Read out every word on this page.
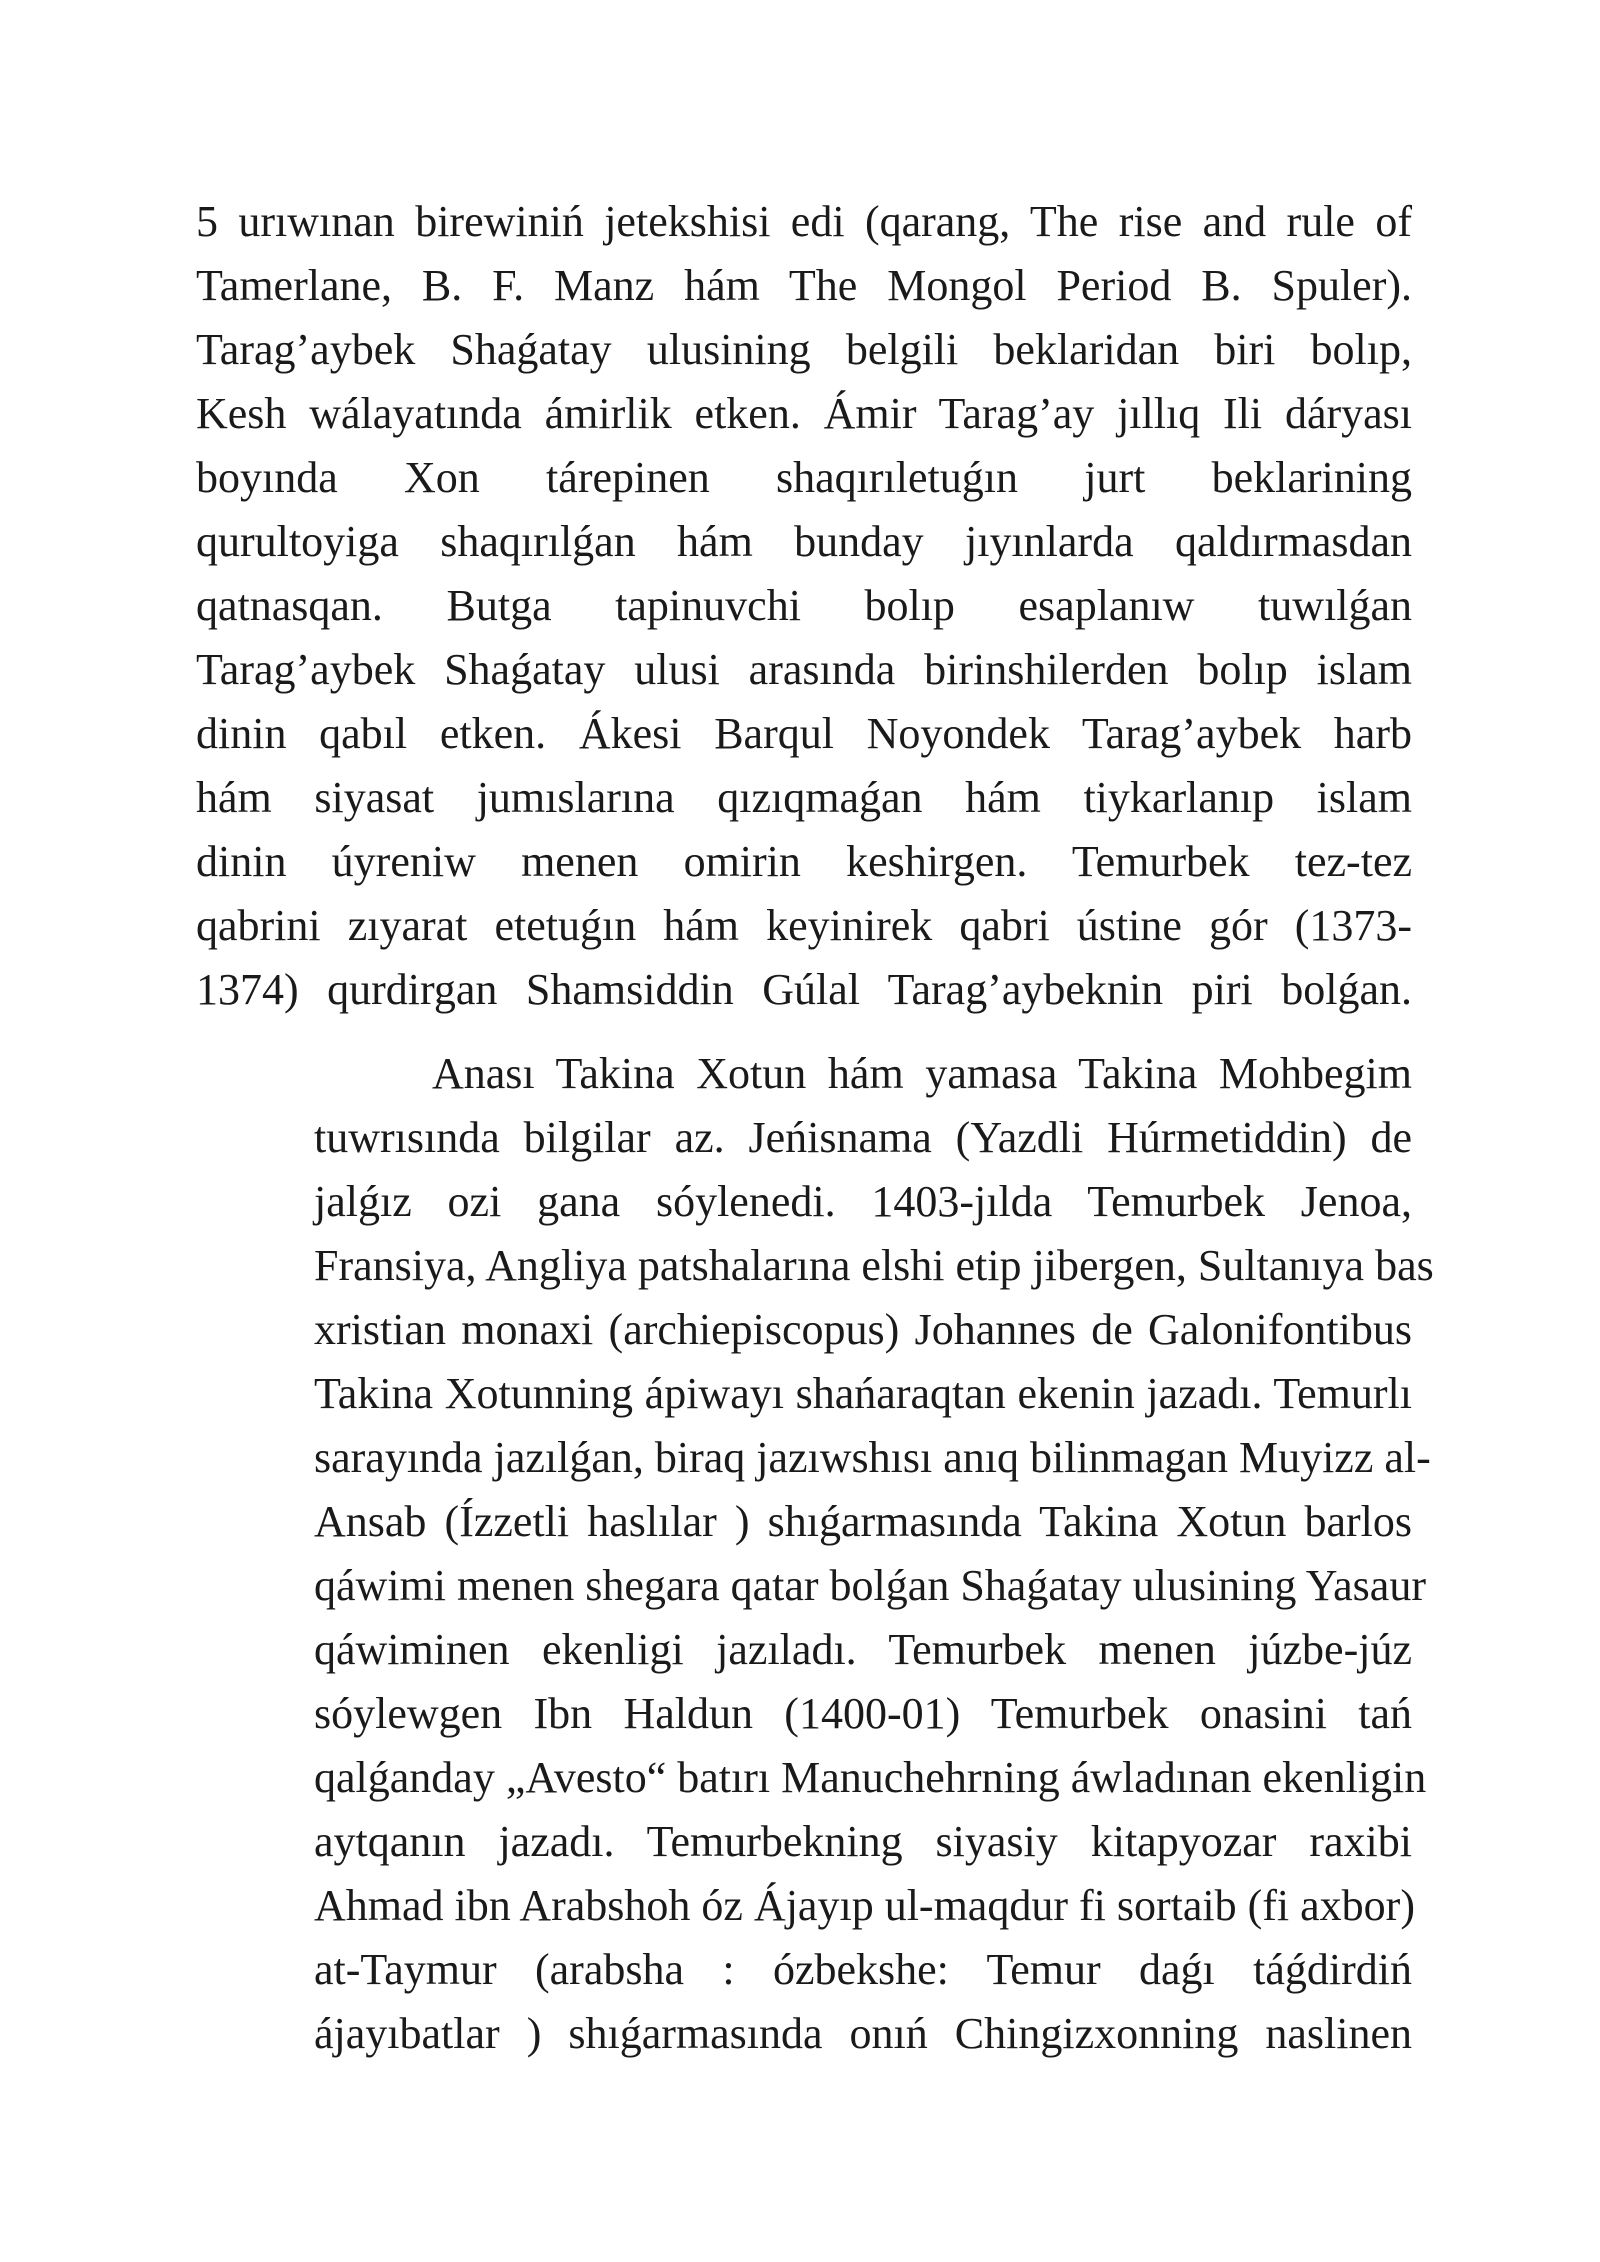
5 urıwınan birewiniń jetekshisi edi (qarang, The rise and rule of
Tamerlane, B. F. Manz hám The Mongol Period B. Spuler).
Tarag’aybek Shaǵatay ulusining belgili beklaridan biri bolıp,
Kesh wálayatında ámirlik etken. Ámir Tarag’ay jıllıq Ili dáryası
boyında Xon tárepinen shaqırıletuǵın jurt beklarining
qurultoyiga shaqırılǵan hám bunday jıyınlarda qaldırmasdan
qatnasqan. Butga tapinuvchi bolıp esaplanıw tuwılǵan
Tarag’aybek Shaǵatay ulusi arasında birinshilerden bolıp islam
dinin qabıl etken. Ákesi Barqul Noyondek Tarag’aybek harb
hám siyasat jumıslarına qızıqmaǵan hám tiykarlanıp islam
dinin úyreniw menen omirin keshirgen. Temurbek tez-tez
qabrini zıyarat etetuǵın hám keyinirek qabri ústine gór (1373-
1374) qurdirgan Shamsiddin Gúlal Tarag’aybeknin piri bolǵan.
Anası Takina Xotun hám yamasa Takina Mohbegim
tuwrısında bilgilar az. Jeńisnama (Yazdli Húrmetiddin) de
jalǵız ozi gana sóylenedi. 1403-jılda Temurbek Jenoa,
Fransiya, Angliya patshalarına elshi etip jibergen, Sultanıya bas
xristian monaxi (archiepiscopus) Johannes de Galonifontibus
Takina Xotunning ápiwayı shańaraqtan ekenin jazadı. Temurlı
sarayında jazılǵan, biraq jazıwshısı anıq bilinmagan Muyizz al-
Ansab (Ízzetli haslılar ) shıǵarmasında Takina Xotun barlos
qáwimi menen shegara qatar bolǵan Shaǵatay ulusining Yasaur
qáwiminen ekenligi jazıladı. Temurbek menen júzbe-júz
sóylewgen Ibn Haldun (1400-01) Temurbek onasini tań
qalǵanday „Avesto“ batırı Manuchehrning áwladınan ekenligin
aytqanın jazadı. Temurbekning siyasiy kitapyozar raxibi
Ahmad ibn Arabshoh óz Ájayıp ul-maqdur fi sortaib (fi axbor)
at-Taymur (arabsha : ózbekshe: Temur daǵı táǵdirdiń
ájayıbatlar ) shıǵarmasında onıń Chingizxonning naslinen
